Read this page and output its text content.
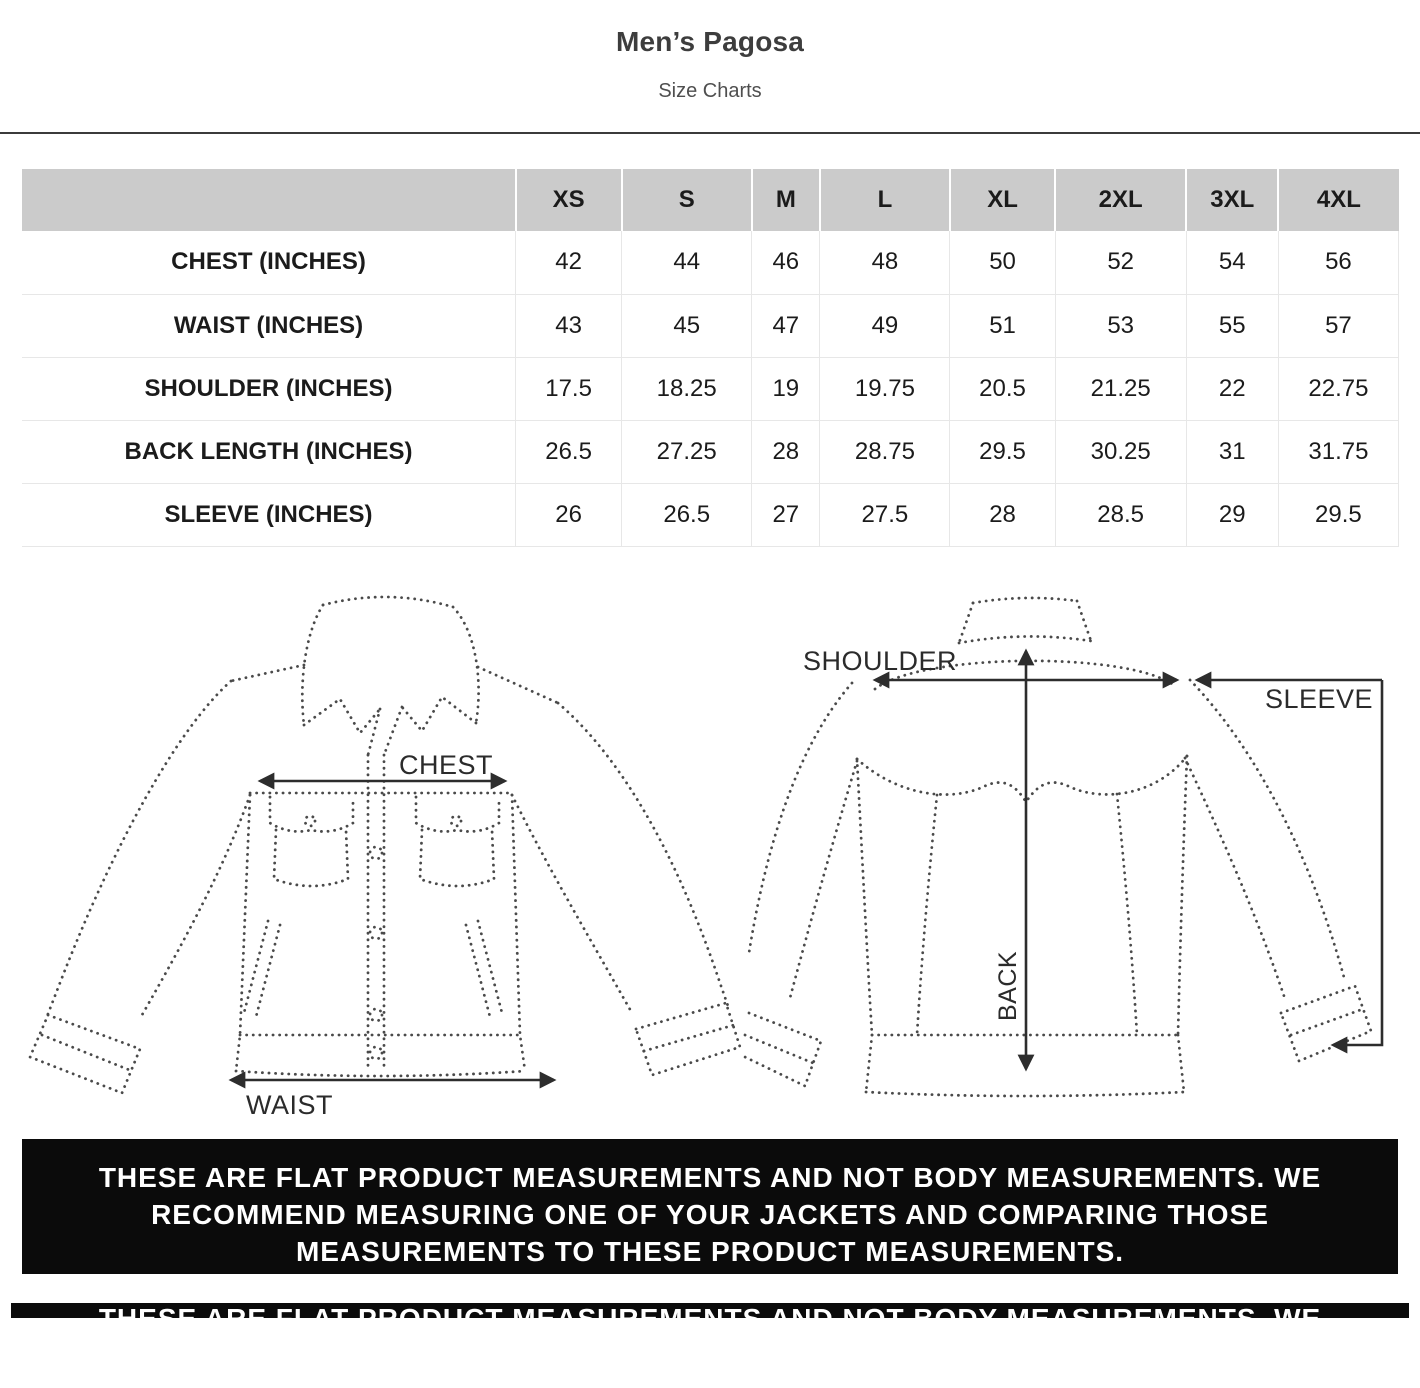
Men’s Pagosa
Size Charts
	XS	S	M	L	XL	2XL	3XL	4XL
CHEST (INCHES)	42	44	46	48	50	52	54	56
WAIST (INCHES)	43	45	47	49	51	53	55	57
SHOULDER (INCHES)	17.5	18.25	19	19.75	20.5	21.25	22	22.75
BACK LENGTH (INCHES)	26.5	27.25	28	28.75	29.5	30.25	31	31.75
SLEEVE (INCHES)	26	26.5	27	27.5	28	28.5	29	29.5
CHEST
WAIST
SHOULDER
SLEEVE
BACK
THESE ARE FLAT PRODUCT MEASUREMENTS AND NOT BODY MEASUREMENTS. WE
RECOMMEND MEASURING ONE OF YOUR JACKETS AND COMPARING THOSE
MEASUREMENTS TO THESE PRODUCT MEASUREMENTS.
THESE ARE FLAT PRODUCT MEASUREMENTS AND NOT BODY MEASUREMENTS. WE
RECOMMEND MEASURING ONE OF YOUR JACKETS AND COMPARING THOSE
MEASUREMENTS TO THESE PRODUCT MEASUREMENTS.
